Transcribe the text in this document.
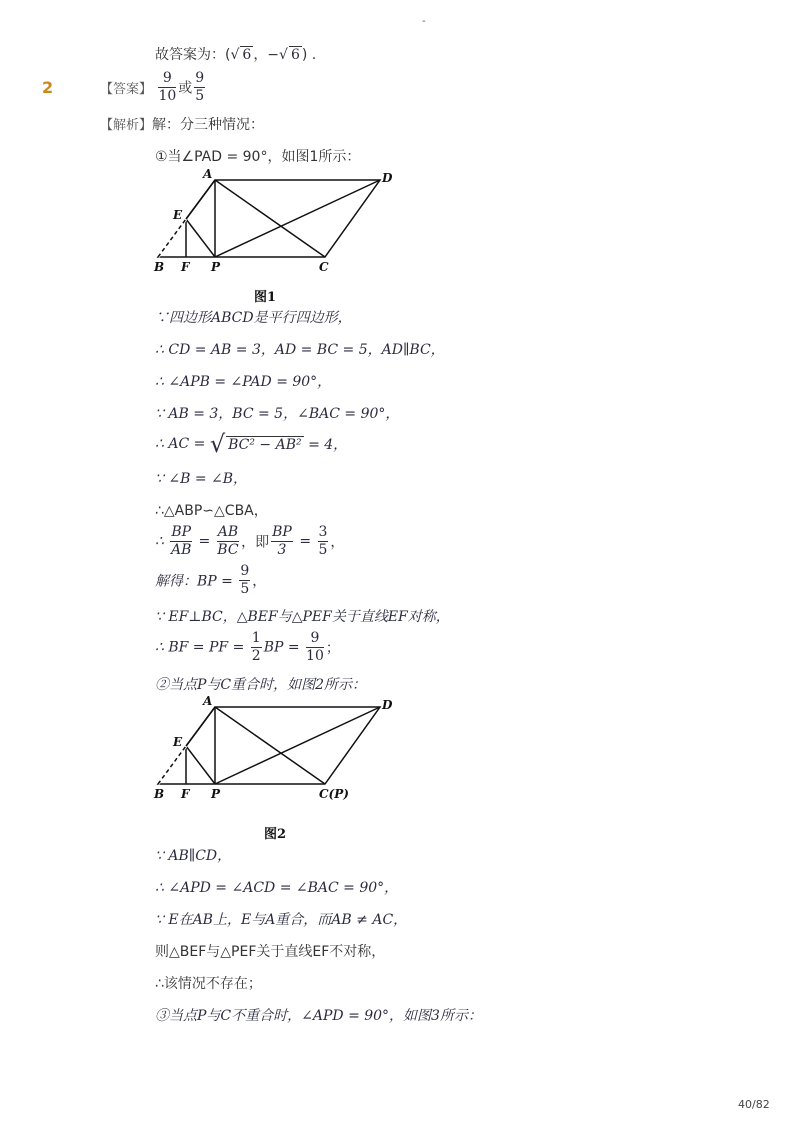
-
故答案为：(√ 6 ，−√ 6 ) .
2	【答案】 $\frac{9}{10}$ 或 $\frac{9}{5}$
【解析】解：分三种情况：
①当∠PAD = 90°，如图1所示：
A	D
E
B F P	C
图1
∵四边形ABCD是平行四边形，
∴ CD = AB = 3，AD = BC = 5，AD∥BC，
∴ ∠APB = ∠PAD = 90°，
∵ AB = 3，BC = 5，∠BAC = 90°，
∴ AC = √ BC² − AB² = 4，
∵ ∠B = ∠B，
∴△ABP∽△CBA，
∴ $\frac{BP}{AB} = \frac{AB}{BC}$ ，即 $\frac{BP}{3} = \frac{3}{5}$ ，
解得：BP = $\frac{9}{5}$ ，
∵ EF⊥BC，△BEF与△PEF关于直线EF对称，
∴ BF = PF = $\frac{1}{2}$ BP = $\frac{9}{10}$ ；
②当点P与C重合时，如图2所示：
A	D
E
B F P	C(P)
图2
∵ AB∥CD，
∴ ∠APD = ∠ACD = ∠BAC = 90°，
∵ E在AB上，E与A重合，而AB ≠ AC，
则△BEF与△PEF关于直线EF不对称，
∴该情况不存在；
③当点P与C不重合时，∠APD = 90°，如图3所示：
40/82
